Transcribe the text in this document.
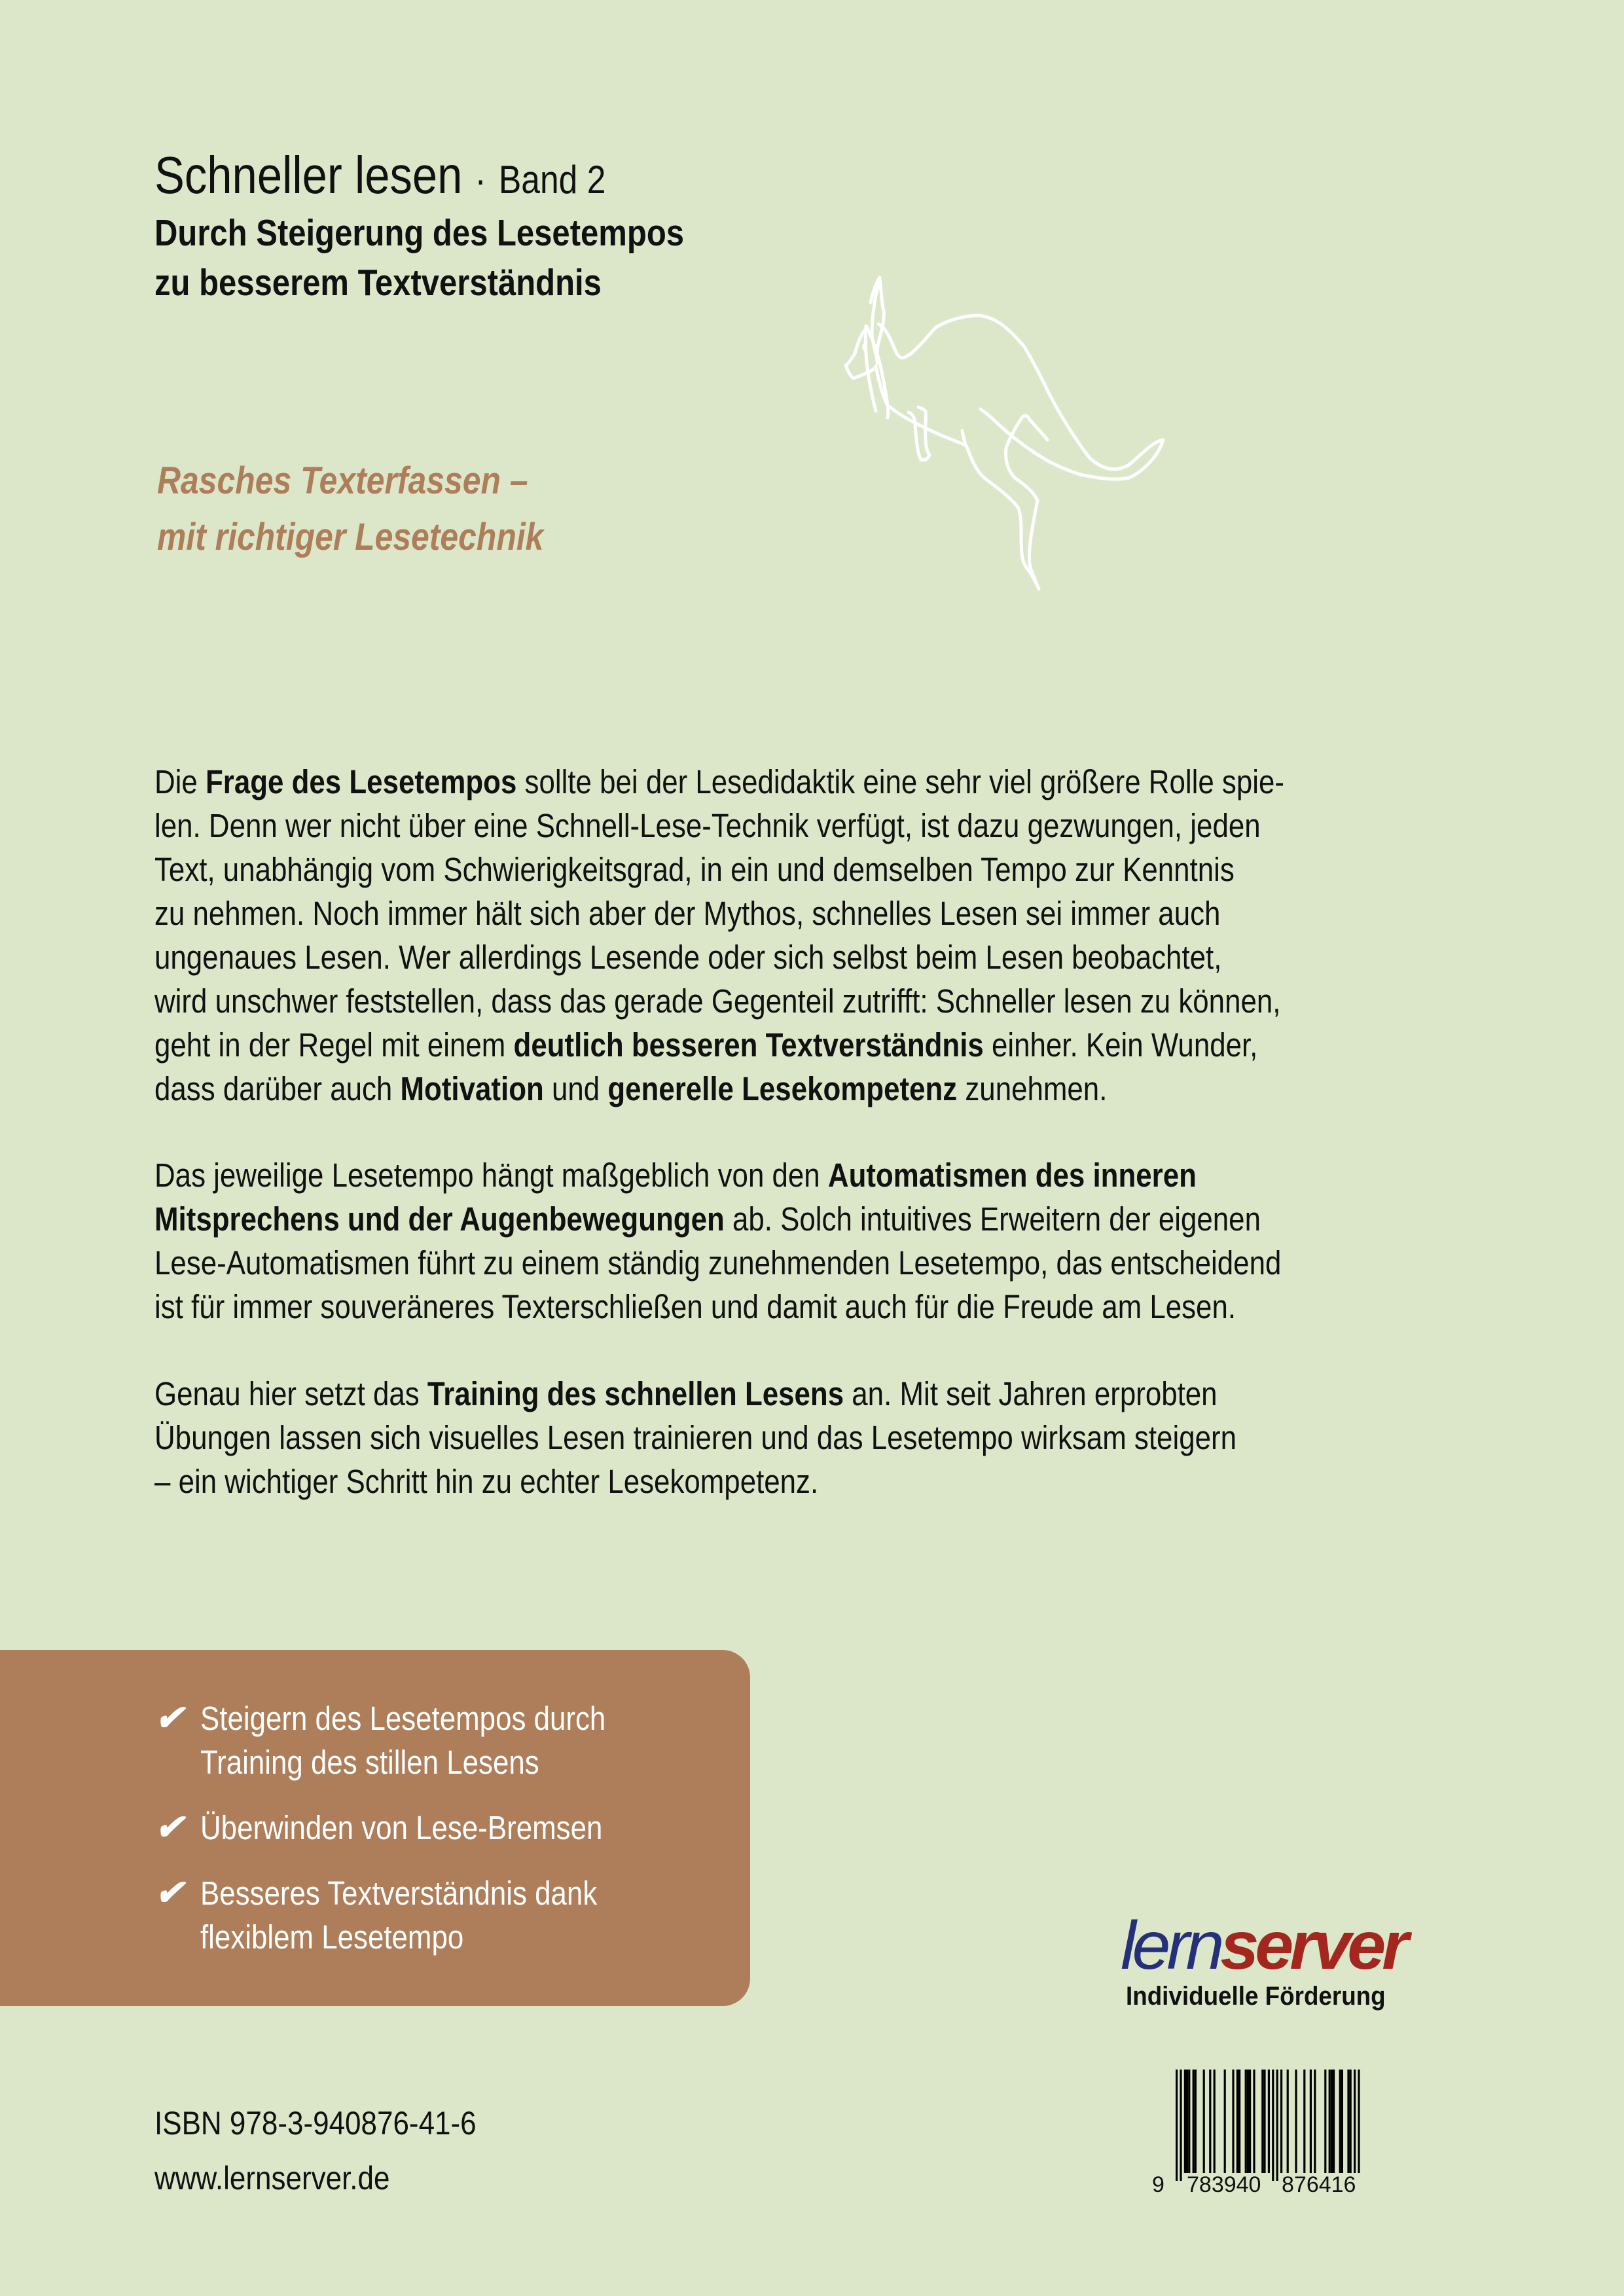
Schneller lesen · Band 2
Durch Steigerung des Lesetempos
zu besserem Textverständnis
Rasches Texterfassen –
mit richtiger Lesetechnik
Die Frage des Lesetempos sollte bei der Lesedidaktik eine sehr viel größere Rolle spie-
len. Denn wer nicht über eine Schnell-Lese-Technik verfügt, ist dazu gezwungen, jeden
Text, unabhängig vom Schwierigkeitsgrad, in ein und demselben Tempo zur Kenntnis
zu nehmen. Noch immer hält sich aber der Mythos, schnelles Lesen sei immer auch
ungenaues Lesen. Wer allerdings Lesende oder sich selbst beim Lesen beobachtet,
wird unschwer feststellen, dass das gerade Gegenteil zutrifft: Schneller lesen zu können,
geht in der Regel mit einem deutlich besseren Textverständnis einher. Kein Wunder,
dass darüber auch Motivation und generelle Lesekompetenz zunehmen.
Das jeweilige Lesetempo hängt maßgeblich von den Automatismen des inneren
Mitsprechens und der Augenbewegungen ab. Solch intuitives Erweitern der eigenen
Lese-Automatismen führt zu einem ständig zunehmenden Lesetempo, das entscheidend
ist für immer souveräneres Texterschließen und damit auch für die Freude am Lesen.
Genau hier setzt das Training des schnellen Lesens an. Mit seit Jahren erprobten
Übungen lassen sich visuelles Lesen trainieren und das Lesetempo wirksam steigern
– ein wichtiger Schritt hin zu echter Lesekompetenz.
✔ Steigern des Lesetempos durch
Training des stillen Lesens
✔ Überwinden von Lese-Bremsen
✔ Besseres Textverständnis dank
flexiblem Lesetempo
ISBN 978-3-940876-41-6
www.lernserver.de
lernserver
Individuelle Förderung
9 783940 876416
